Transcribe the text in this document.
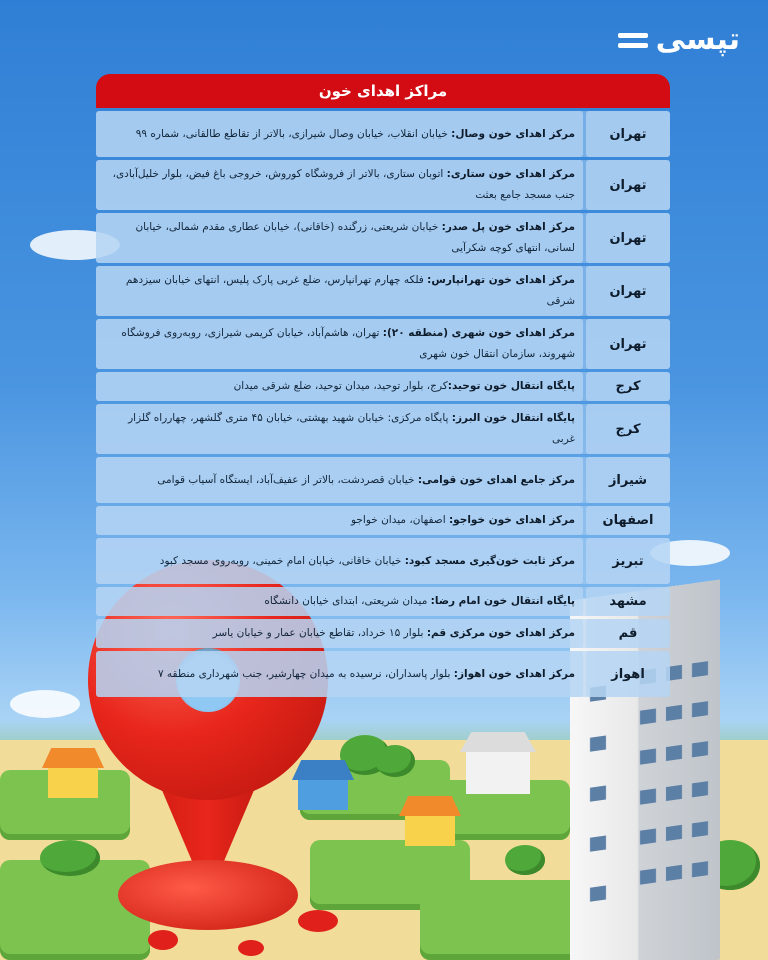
تپسی
مراکز اهدای خون
تهران
مرکز اهدای خون وصال: خیابان انقلاب، خیابان وصال شیرازی، بالاتر از تقاطع طالقانی، شماره ۹۹
تهران
مرکز اهدای خون ستاری: اتوبان ستاری، بالاتر از فروشگاه کوروش، خروجی باغ فیض، بلوار خلیل‌آبادی، جنب مسجد جامع بعثت
تهران
مرکز اهدای خون پل صدر: خیابان شریعتی، زرگنده (خاقانی)، خیابان عطاری مقدم شمالی، خیابان لسانی، انتهای کوچه شکرآیی
تهران
مرکز اهدای خون تهرانپارس: فلکه چهارم تهرانپارس، ضلع غربی پارک پلیس، انتهای خیابان سیزدهم شرقی
تهران
مرکز اهدای خون شهری (منطقه ۲۰): تهران، هاشم‌آباد، خیابان کریمی شیرازی، روبه‌روی فروشگاه شهروند، سازمان انتقال خون شهری
کرج
پایگاه انتقال خون توحید:کرج، بلوار توحید، میدان توحید، ضلع شرقی میدان
کرج
پایگاه انتقال خون البرز: پایگاه مرکزی: خیابان شهید بهشتی، خیابان ۴۵ متری گلشهر، چهارراه گلزار غربی
شیراز
مرکز جامع اهدای خون قوامی: خیابان قصردشت، بالاتر از عفیف‌آباد، ایستگاه آسیاب قوامی
اصفهان
مرکز اهدای خون خواجو: اصفهان، میدان خواجو
تبریز
مرکز ثابت خون‌گیری مسجد کبود: خیابان خاقانی، خیابان امام خمینی، روبه‌روی مسجد کبود
مشهد
پایگاه انتقال خون امام رضا: میدان شریعتی، ابتدای خیابان دانشگاه
قم
مرکز اهدای خون مرکزی قم: بلوار ۱۵ خرداد، تقاطع خیابان عمار و خیابان یاسر
اهواز
مرکز اهدای خون اهواز: بلوار پاسداران، نرسیده به میدان چهارشیر، جنب شهرداری منطقه ۷
